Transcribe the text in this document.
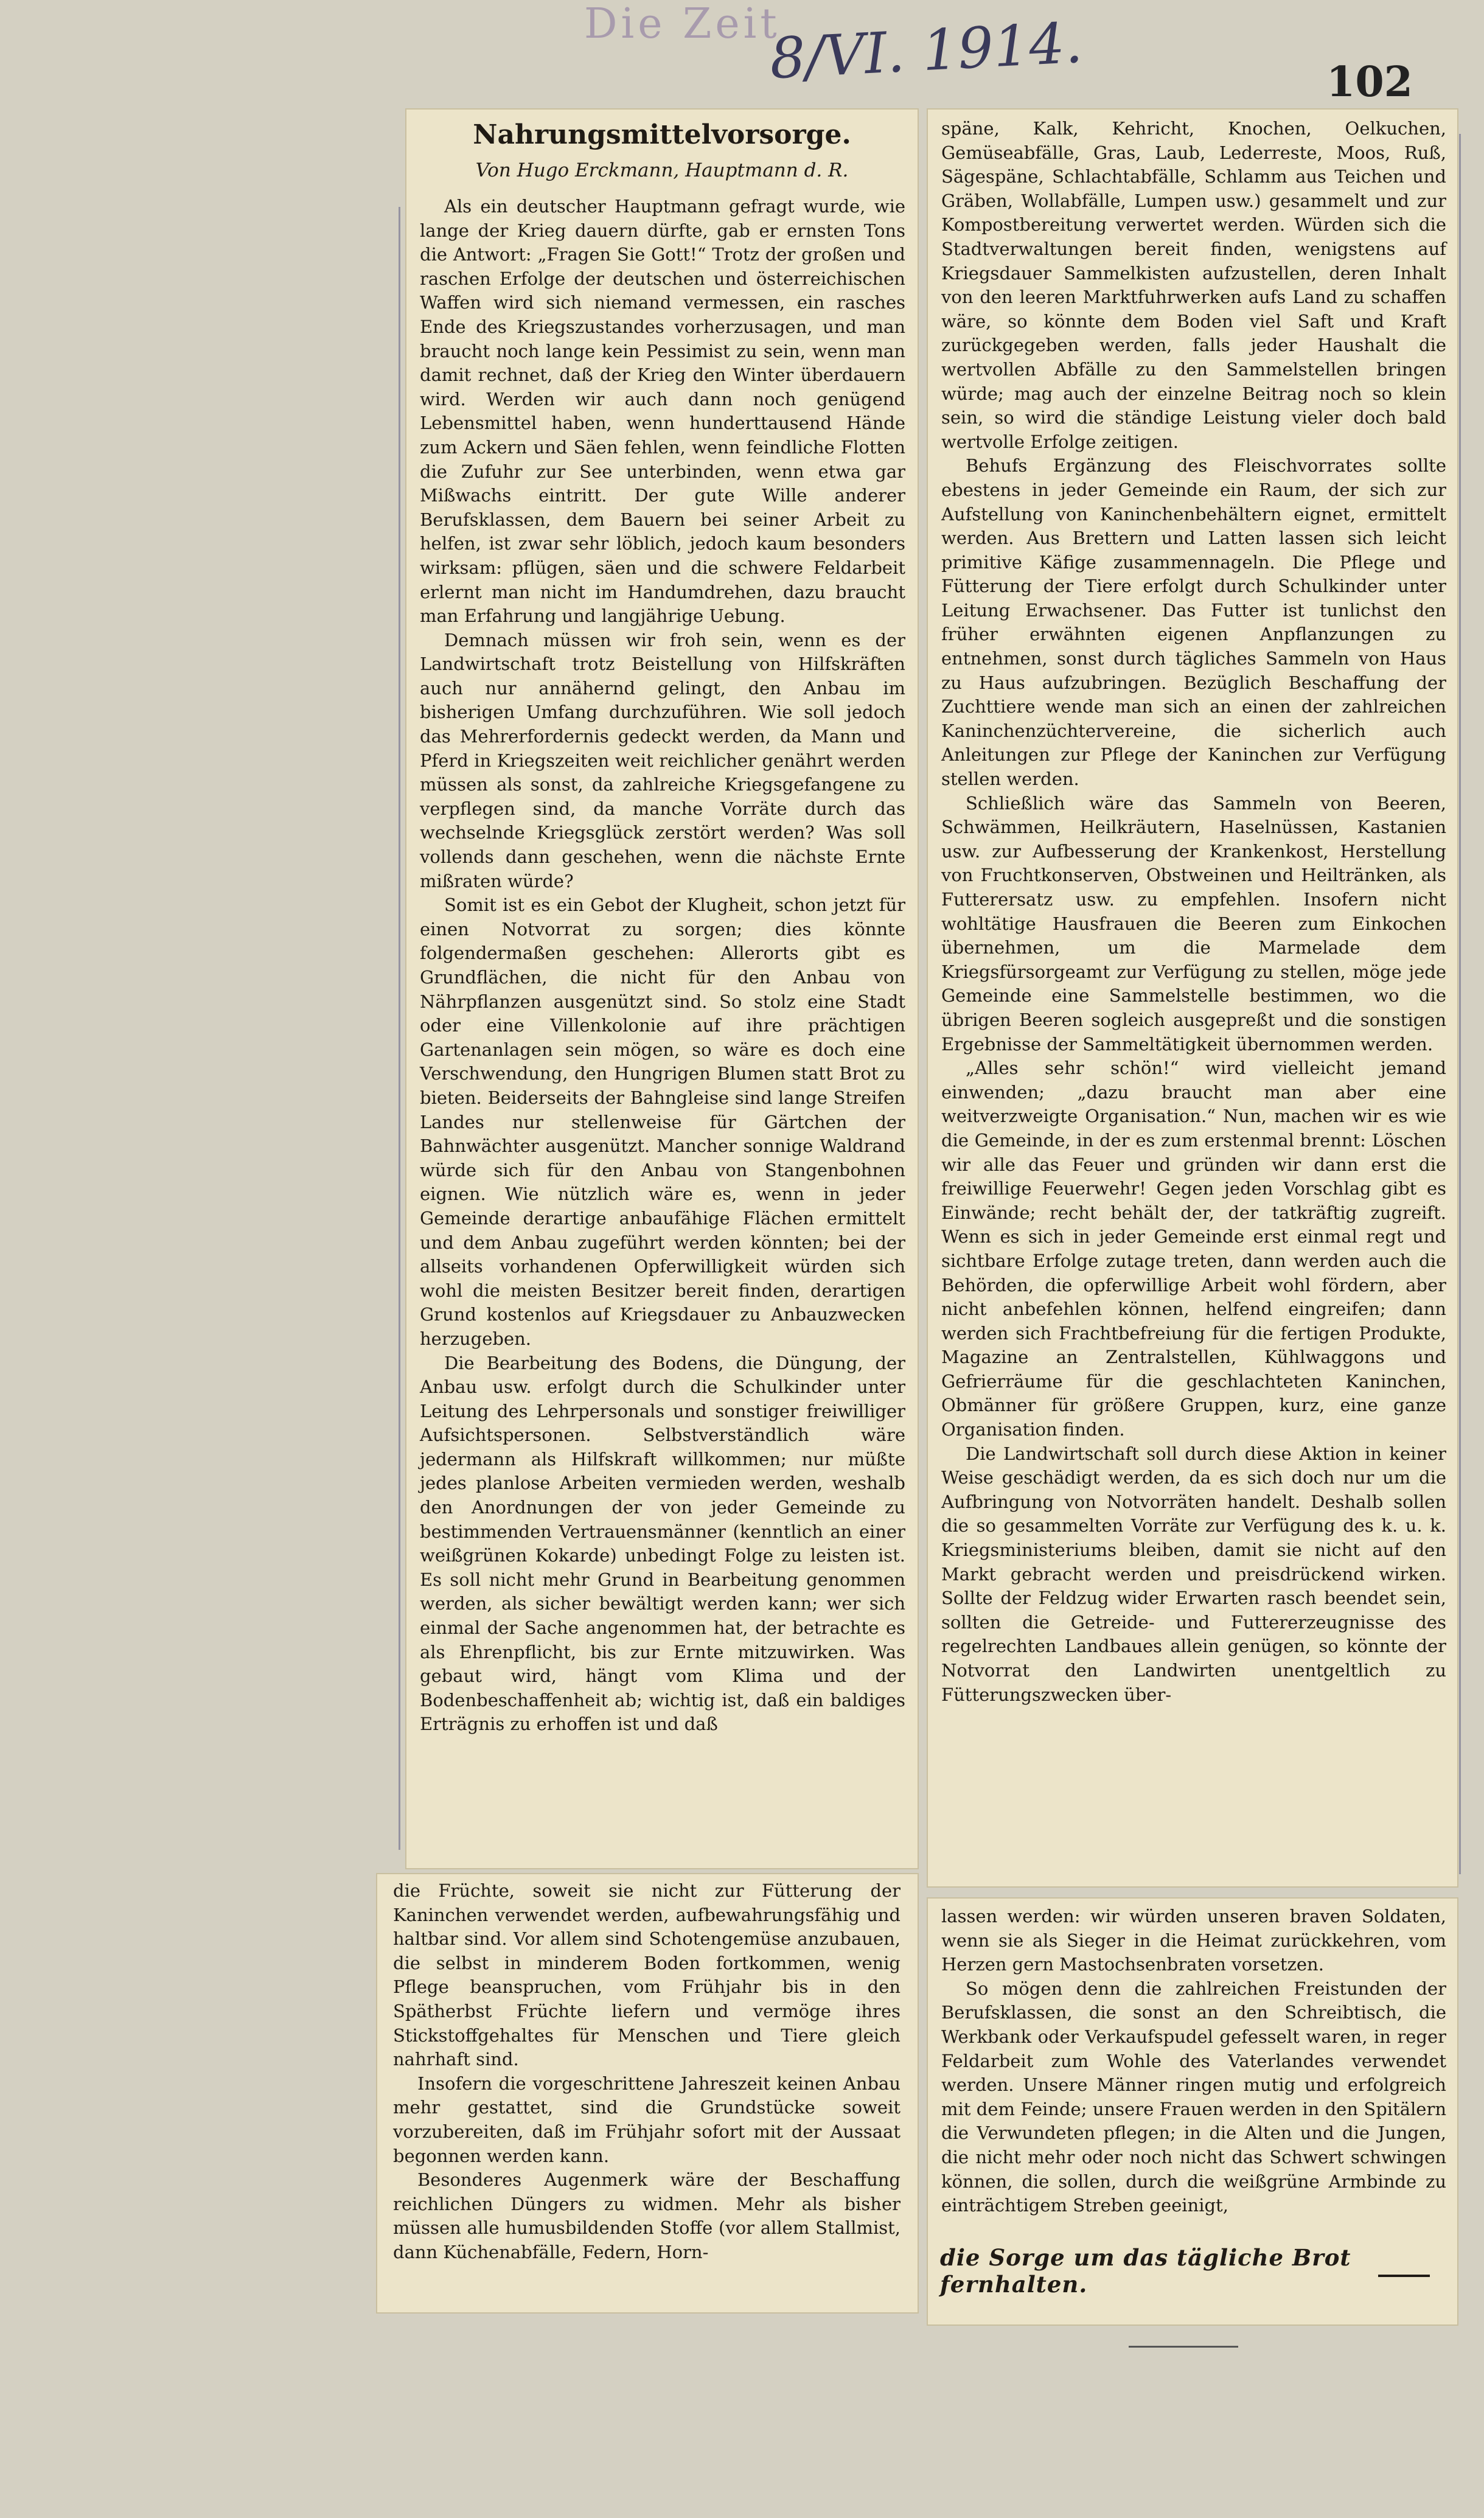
Die Zeit
8/VI. 1914.	102
Nahrungsmittelvorsorge.
Von Hugo Erckmann, Hauptmann d. R.

Als ein deutscher Hauptmann gefragt wurde, wie lange der Krieg dauern dürfte, gab er ernsten Tons die Antwort: „Fragen Sie Gott!“ Trotz der großen und raschen Erfolge der deutschen und österreichischen Waffen wird sich niemand vermessen, ein rasches Ende des Kriegszustandes vorherzusagen, und man braucht noch lange kein Pessimist zu sein, wenn man damit rechnet, daß der Krieg den Winter überdauern wird. Werden wir auch dann noch genügend Lebensmittel haben, wenn hunderttausend Hände zum Ackern und Säen fehlen, wenn feindliche Flotten die Zufuhr zur See unterbinden, wenn etwa gar Mißwachs eintritt. Der gute Wille anderer Berufsklassen, dem Bauern bei seiner Arbeit zu helfen, ist zwar sehr löblich, jedoch kaum besonders wirksam: pflügen, säen und die schwere Feldarbeit erlernt man nicht im Handumdrehen, dazu braucht man Erfahrung und langjährige Uebung.

Demnach müssen wir froh sein, wenn es der Landwirtschaft trotz Beistellung von Hilfskräften auch nur annähernd gelingt, den Anbau im bisherigen Umfang durchzuführen. Wie soll jedoch das Mehrerfordernis gedeckt werden, da Mann und Pferd in Kriegszeiten weit reichlicher genährt werden müssen als sonst, da zahlreiche Kriegsgefangene zu verpflegen sind, da manche Vorräte durch das wechselnde Kriegsglück zerstört werden? Was soll vollends dann geschehen, wenn die nächste Ernte mißraten würde?

Somit ist es ein Gebot der Klugheit, schon jetzt für einen Notvorrat zu sorgen; dies könnte folgendermaßen geschehen: Allerorts gibt es Grundflächen, die nicht für den Anbau von Nährpflanzen ausgenützt sind. So stolz eine Stadt oder eine Villenkolonie auf ihre prächtigen Gartenanlagen sein mögen, so wäre es doch eine Verschwendung, den Hungrigen Blumen statt Brot zu bieten. Beiderseits der Bahngleise sind lange Streifen Landes nur stellenweise für Gärtchen der Bahnwächter ausgenützt. Mancher sonnige Waldrand würde sich für den Anbau von Stangenbohnen eignen. Wie nützlich wäre es, wenn in jeder Gemeinde derartige anbaufähige Flächen ermittelt und dem Anbau zugeführt werden könnten; bei der allseits vorhandenen Opferwilligkeit würden sich wohl die meisten Besitzer bereit finden, derartigen Grund kostenlos auf Kriegsdauer zu Anbauzwecken herzugeben.

Die Bearbeitung des Bodens, die Düngung, der Anbau usw. erfolgt durch die Schulkinder unter Leitung des Lehrpersonals und sonstiger freiwilliger Aufsichtspersonen. Selbstverständlich wäre jedermann als Hilfskraft willkommen; nur müßte jedes planlose Arbeiten vermieden werden, weshalb den Anordnungen der von jeder Gemeinde zu bestimmenden Vertrauensmänner (kenntlich an einer weißgrünen Kokarde) unbedingt Folge zu leisten ist. Es soll nicht mehr Grund in Bearbeitung genommen werden, als sicher bewältigt werden kann; wer sich einmal der Sache angenommen hat, der betrachte es als Ehrenpflicht, bis zur Ernte mitzuwirken. Was gebaut wird, hängt vom Klima und der Bodenbeschaffenheit ab; wichtig ist, daß ein baldiges Erträgnis zu erhoffen ist und daß

späne, Kalk, Kehricht, Knochen, Oelkuchen, Gemüseabfälle, Gras, Laub, Lederreste, Moos, Ruß, Sägespäne, Schlachtabfälle, Schlamm aus Teichen und Gräben, Wollabfälle, Lumpen usw.) gesammelt und zur Kompostbereitung verwertet werden. Würden sich die Stadtverwaltungen bereit finden, wenigstens auf Kriegsdauer Sammelkisten aufzustellen, deren Inhalt von den leeren Marktfuhrwerken aufs Land zu schaffen wäre, so könnte dem Boden viel Saft und Kraft zurückgegeben werden, falls jeder Haushalt die wertvollen Abfälle zu den Sammelstellen bringen würde; mag auch der einzelne Beitrag noch so klein sein, so wird die ständige Leistung vieler doch bald wertvolle Erfolge zeitigen.

Behufs Ergänzung des Fleischvorrates sollte ebestens in jeder Gemeinde ein Raum, der sich zur Aufstellung von Kaninchenbehältern eignet, ermittelt werden. Aus Brettern und Latten lassen sich leicht primitive Käfige zusammennageln. Die Pflege und Fütterung der Tiere erfolgt durch Schulkinder unter Leitung Erwachsener. Das Futter ist tunlichst den früher erwähnten eigenen Anpflanzungen zu entnehmen, sonst durch tägliches Sammeln von Haus zu Haus aufzubringen. Bezüglich Beschaffung der Zuchttiere wende man sich an einen der zahlreichen Kaninchenzüchtervereine, die sicherlich auch Anleitungen zur Pflege der Kaninchen zur Verfügung stellen werden.

Schließlich wäre das Sammeln von Beeren, Schwämmen, Heilkräutern, Haselnüssen, Kastanien usw. zur Aufbesserung der Krankenkost, Herstellung von Fruchtkonserven, Obstweinen und Heiltränken, als Futterersatz usw. zu empfehlen. Insofern nicht wohltätige Hausfrauen die Beeren zum Einkochen übernehmen, um die Marmelade dem Kriegsfürsorgeamt zur Verfügung zu stellen, möge jede Gemeinde eine Sammelstelle bestimmen, wo die übrigen Beeren sogleich ausgepreßt und die sonstigen Ergebnisse der Sammeltätigkeit übernommen werden.

„Alles sehr schön!“ wird vielleicht jemand einwenden; „dazu braucht man aber eine weitverzweigte Organisation.“ Nun, machen wir es wie die Gemeinde, in der es zum erstenmal brennt: Löschen wir alle das Feuer und gründen wir dann erst die freiwillige Feuerwehr! Gegen jeden Vorschlag gibt es Einwände; recht behält der, der tatkräftig zugreift. Wenn es sich in jeder Gemeinde erst einmal regt und sichtbare Erfolge zutage treten, dann werden auch die Behörden, die opferwillige Arbeit wohl fördern, aber nicht anbefehlen können, helfend eingreifen; dann werden sich Frachtbefreiung für die fertigen Produkte, Magazine an Zentralstellen, Kühlwaggons und Gefrierräume für die geschlachteten Kaninchen, Obmänner für größere Gruppen, kurz, eine ganze Organisation finden.

Die Landwirtschaft soll durch diese Aktion in keiner Weise geschädigt werden, da es sich doch nur um die Aufbringung von Notvorräten handelt. Deshalb sollen die so gesammelten Vorräte zur Verfügung des k. u. k. Kriegsministeriums bleiben, damit sie nicht auf den Markt gebracht werden und preisdrückend wirken. Sollte der Feldzug wider Erwarten rasch beendet sein, sollten die Getreide- und Futtererzeugnisse des regelrechten Landbaues allein genügen, so könnte der Notvorrat den Landwirten unentgeltlich zu Fütterungszwecken über-

die Früchte, soweit sie nicht zur Fütterung der Kaninchen verwendet werden, aufbewahrungsfähig und haltbar sind. Vor allem sind Schotengemüse anzubauen, die selbst in minderem Boden fortkommen, wenig Pflege beanspruchen, vom Frühjahr bis in den Spätherbst Früchte liefern und vermöge ihres Stickstoffgehaltes für Menschen und Tiere gleich nahrhaft sind.

Insofern die vorgeschrittene Jahreszeit keinen Anbau mehr gestattet, sind die Grundstücke soweit vorzubereiten, daß im Frühjahr sofort mit der Aussaat begonnen werden kann.

Besonderes Augenmerk wäre der Beschaffung reichlichen Düngers zu widmen. Mehr als bisher müssen alle humusbildenden Stoffe (vor allem Stallmist, dann Küchenabfälle, Federn, Horn-

lassen werden: wir würden unseren braven Soldaten, wenn sie als Sieger in die Heimat zurückkehren, vom Herzen gern Mastochsenbraten vorsetzen.

So mögen denn die zahlreichen Freistunden der Berufsklassen, die sonst an den Schreibtisch, die Werkbank oder Verkaufspudel gefesselt waren, in reger Feldarbeit zum Wohle des Vaterlandes verwendet werden. Unsere Männer ringen mutig und erfolgreich mit dem Feinde; unsere Frauen werden in den Spitälern die Verwundeten pflegen; in die Alten und die Jungen, die nicht mehr oder noch nicht das Schwert schwingen können, die sollen, durch die weißgrüne Armbinde zu einträchtigem Streben geeinigt,

die Sorge um das tägliche Brot fernhalten.
